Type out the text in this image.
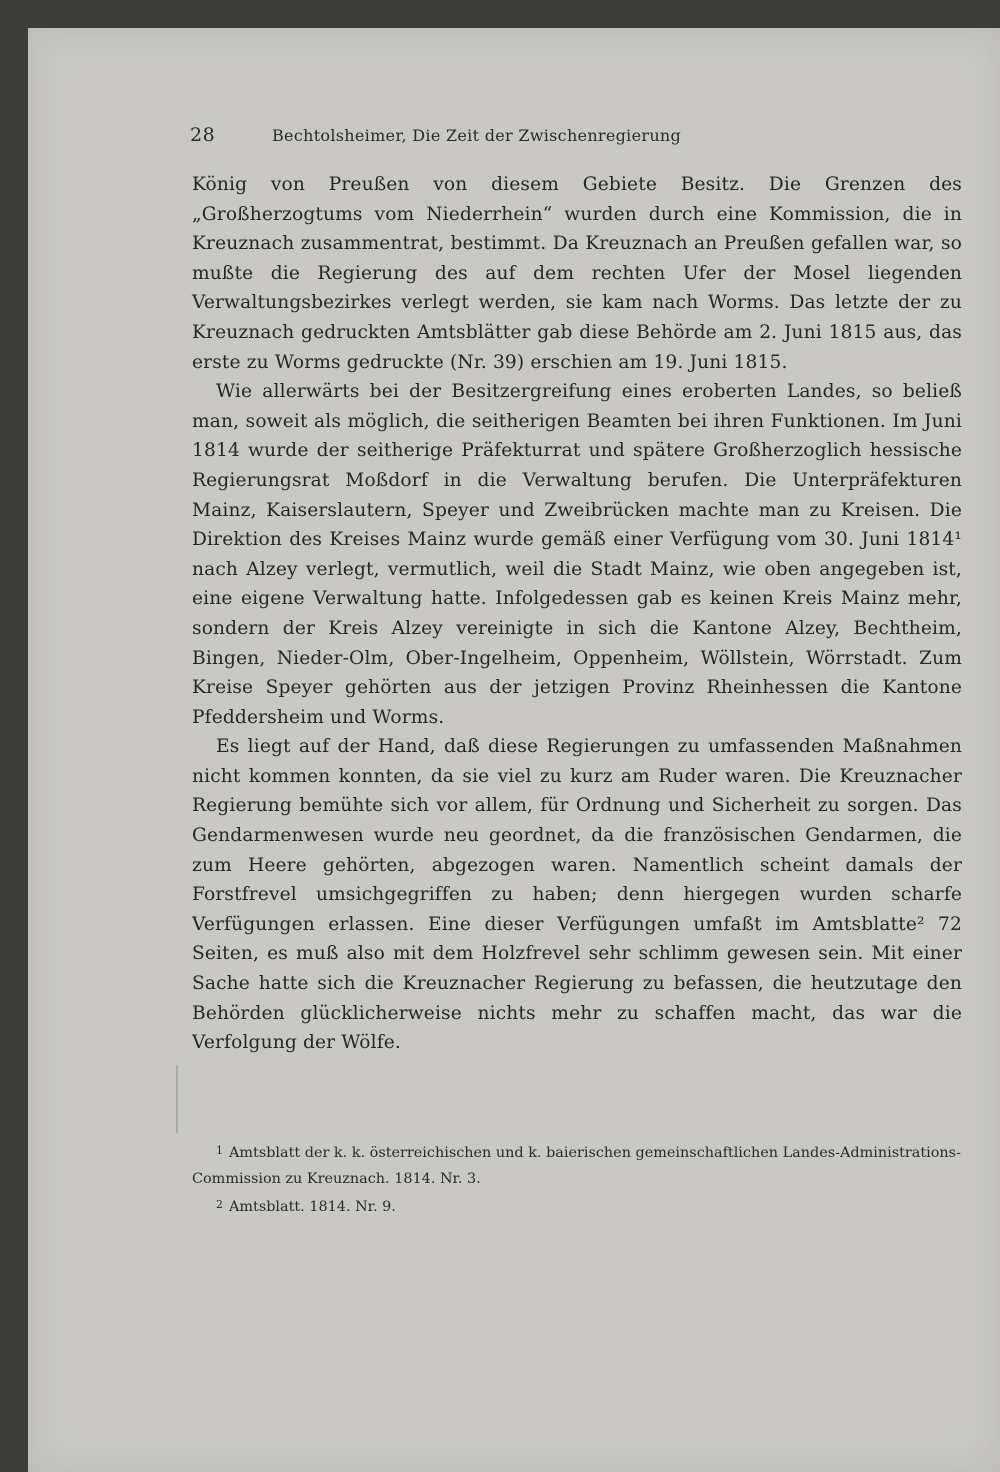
28	Bechtolsheimer, Die Zeit der Zwischenregierung

König von Preußen von diesem Gebiete Besitz. Die Grenzen des „Großherzogtums vom Niederrhein“ wurden durch eine Kommission, die in Kreuznach zusammentrat, bestimmt. Da Kreuznach an Preußen gefallen war, so mußte die Regierung des auf dem rechten Ufer der Mosel liegenden Verwaltungsbezirkes verlegt werden, sie kam nach Worms. Das letzte der zu Kreuznach gedruckten Amtsblätter gab diese Behörde am 2. Juni 1815 aus, das erste zu Worms gedruckte (Nr. 39) erschien am 19. Juni 1815.

Wie allerwärts bei der Besitzergreifung eines eroberten Landes, so beließ man, soweit als möglich, die seitherigen Beamten bei ihren Funktionen. Im Juni 1814 wurde der seitherige Präfekturrat und spätere Großherzoglich hessische Regierungsrat Moßdorf in die Verwaltung berufen. Die Unterpräfekturen Mainz, Kaiserslautern, Speyer und Zweibrücken machte man zu Kreisen. Die Direktion des Kreises Mainz wurde gemäß einer Verfügung vom 30. Juni 1814¹ nach Alzey verlegt, vermutlich, weil die Stadt Mainz, wie oben angegeben ist, eine eigene Verwaltung hatte. Infolgedessen gab es keinen Kreis Mainz mehr, sondern der Kreis Alzey vereinigte in sich die Kantone Alzey, Bechtheim, Bingen, Nieder-Olm, Ober-Ingelheim, Oppenheim, Wöllstein, Wörrstadt. Zum Kreise Speyer gehörten aus der jetzigen Provinz Rheinhessen die Kantone Pfeddersheim und Worms.

Es liegt auf der Hand, daß diese Regierungen zu umfassenden Maßnahmen nicht kommen konnten, da sie viel zu kurz am Ruder waren. Die Kreuznacher Regierung bemühte sich vor allem, für Ordnung und Sicherheit zu sorgen. Das Gendarmenwesen wurde neu geordnet, da die französischen Gendarmen, die zum Heere gehörten, abgezogen waren. Namentlich scheint damals der Forstfrevel umsichgegriffen zu haben; denn hiergegen wurden scharfe Verfügungen erlassen. Eine dieser Verfügungen umfaßt im Amtsblatte² 72 Seiten, es muß also mit dem Holzfrevel sehr schlimm gewesen sein. Mit einer Sache hatte sich die Kreuznacher Regierung zu befassen, die heutzutage den Behörden glücklicherweise nichts mehr zu schaffen macht, das war die Verfolgung der Wölfe.

$^1$ Amtsblatt der k. k. österreichischen und k. baierischen gemeinschaftlichen Landes-Administrations-Commission zu Kreuznach. 1814. Nr. 3.

$^2$ Amtsblatt. 1814. Nr. 9.
